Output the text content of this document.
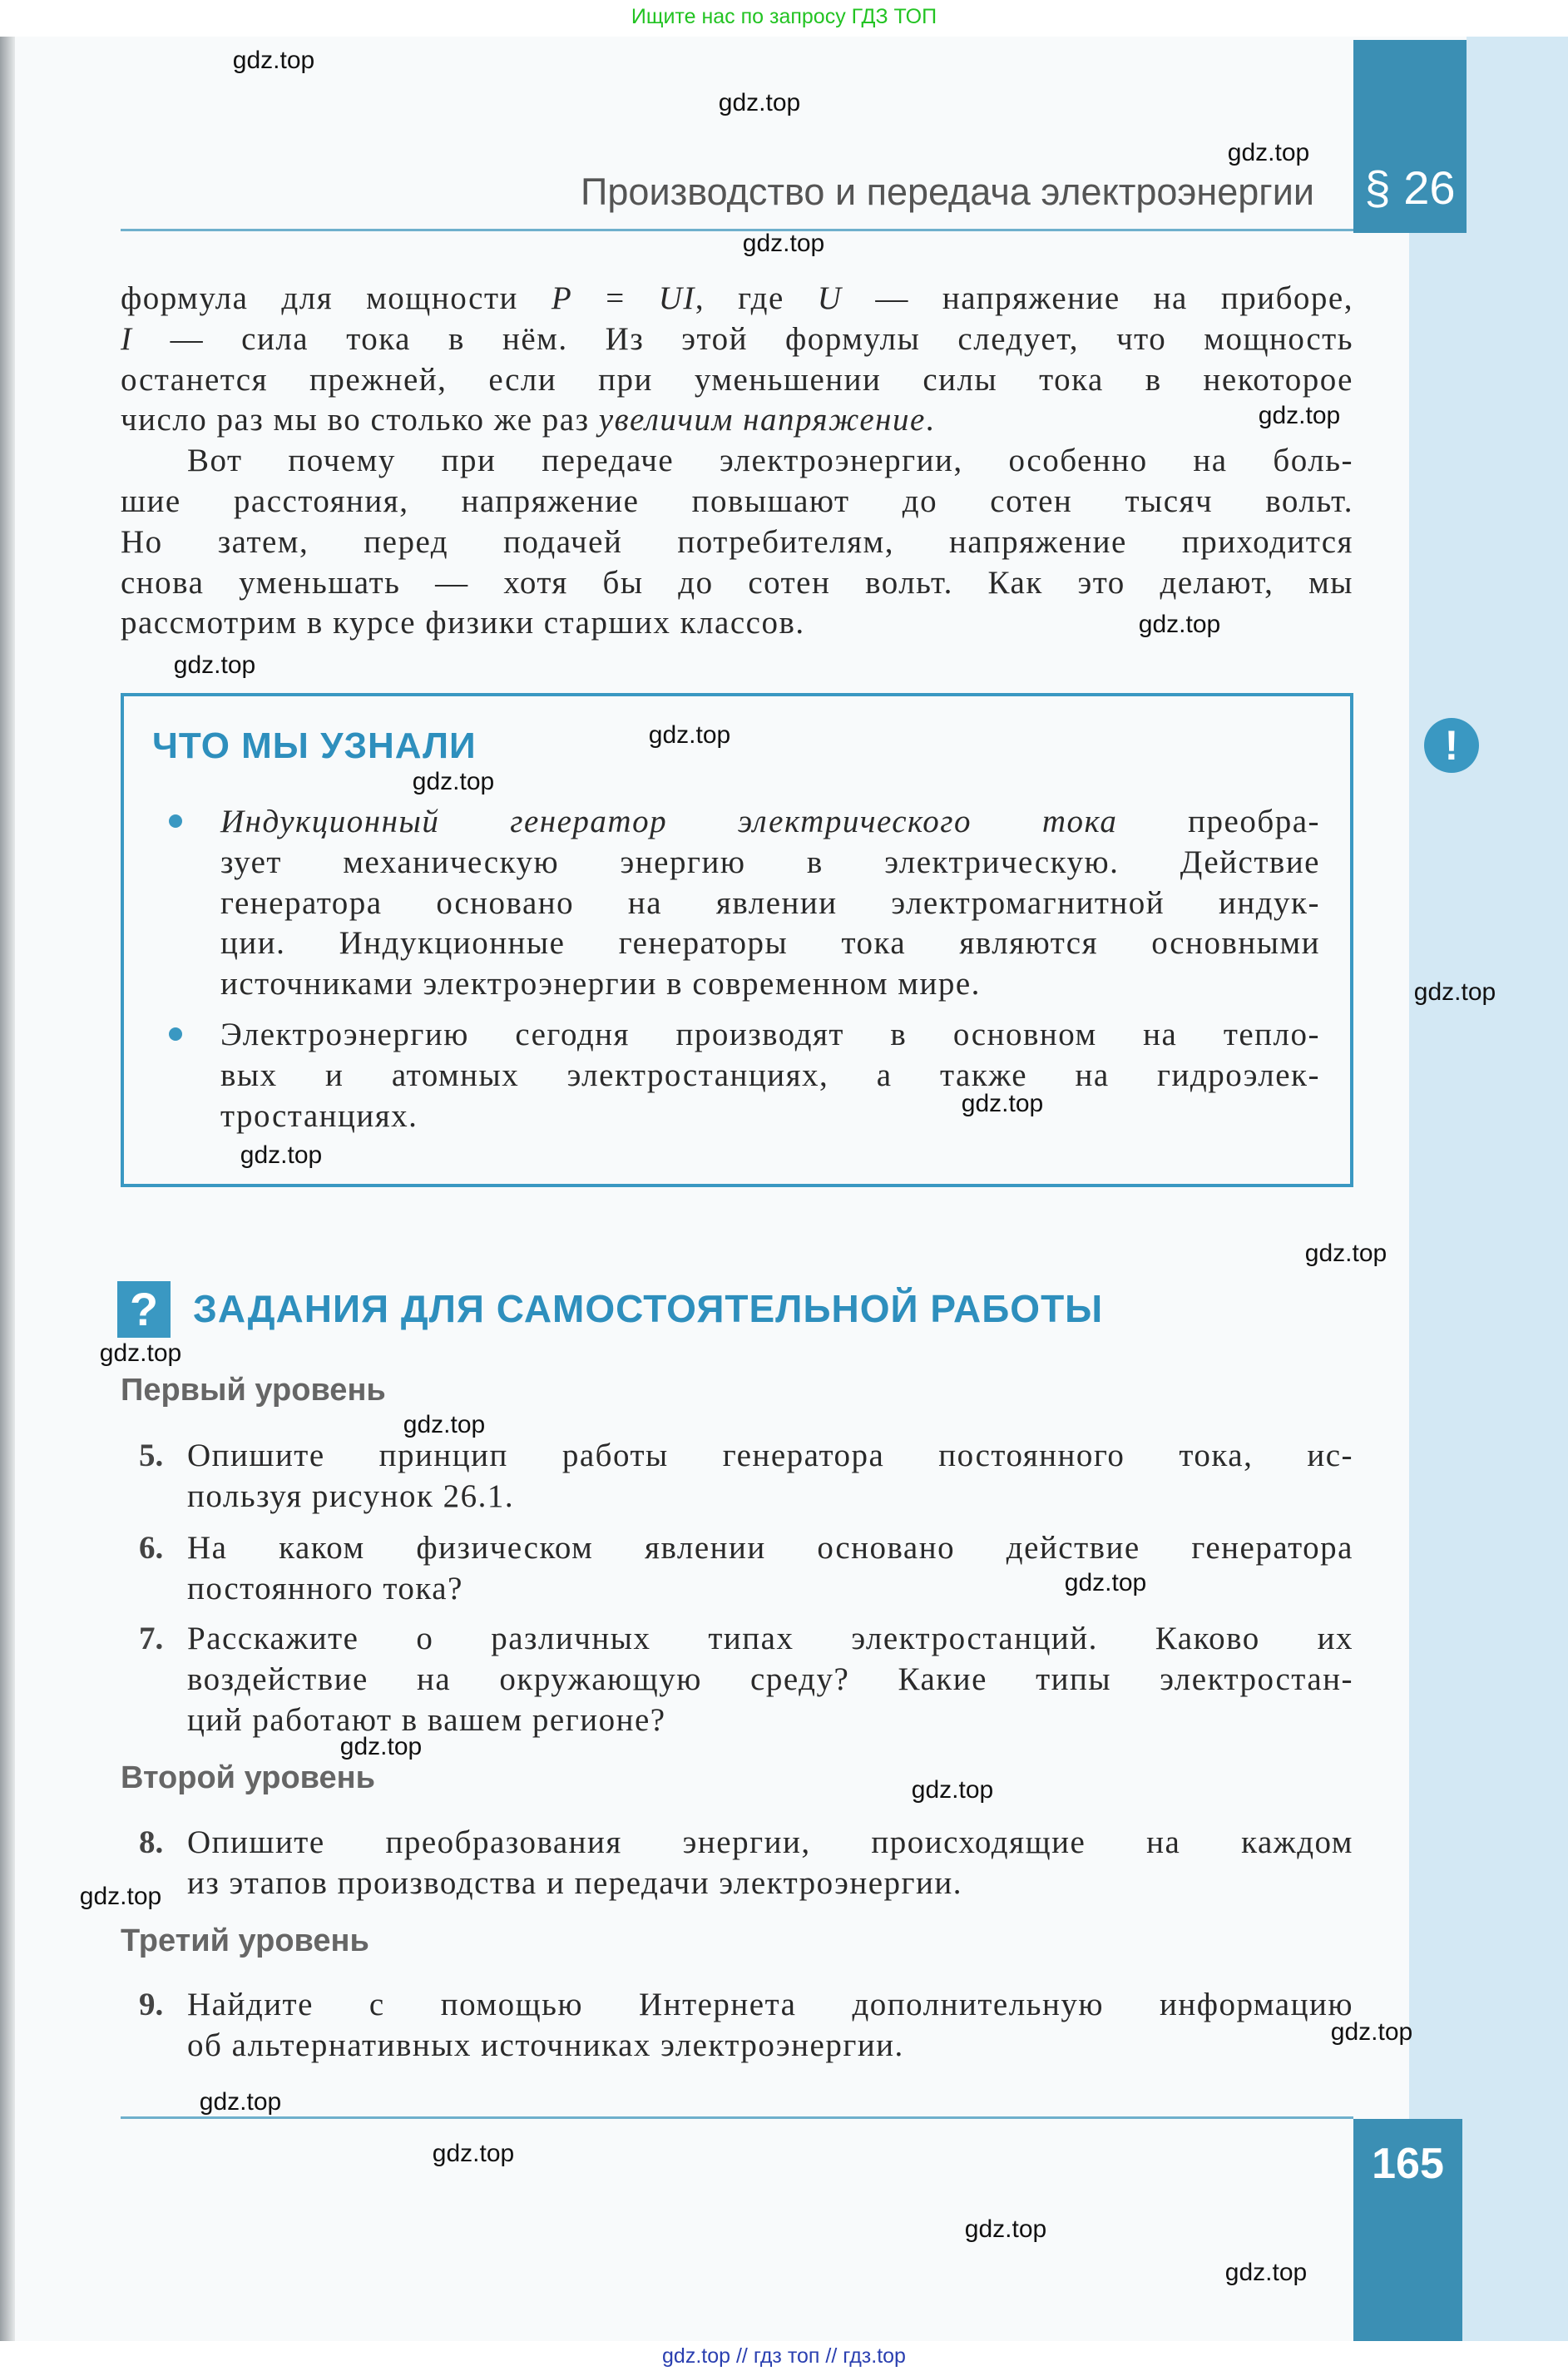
Ищите нас по запросу ГДЗ ТОП
§ 26
Производство и передача электроэнергии
формула для мощности P = UI, где U — напряжение на приборе,
I — сила тока в нём. Из этой формулы следует, что мощность
останется прежней, если при уменьшении силы тока в некоторое
число раз мы во столько же раз увеличим напряжение.
Вот почему при передаче электроэнергии, особенно на боль-
шие расстояния, напряжение повышают до сотен тысяч вольт.
Но затем, перед подачей потребителям, напряжение приходится
снова уменьшать — хотя бы до сотен вольт. Как это делают, мы
рассмотрим в курсе физики старших классов.
ЧТО МЫ УЗНАЛИ	!
Индукционный генератор электрического тока преобра-
зует механическую энергию в электрическую. Действие
генератора основано на явлении электромагнитной индук-
ции. Индукционные генераторы тока являются основными
источниками электроэнергии в современном мире.
Электроэнергию сегодня производят в основном на тепло-
вых и атомных электростанциях, а также на гидроэлек-
тростанциях.
? ЗАДАНИЯ ДЛЯ САМОСТОЯТЕЛЬНОЙ РАБОТЫ
Первый уровень
Второй уровень
Третий уровень
5. Опишите принцип работы генератора постоянного тока, ис-
пользуя рисунок 26.1.
6. На каком физическом явлении основано действие генератора
постоянного тока?
7. Расскажите о различных типах электростанций. Каково их
воздействие на окружающую среду? Какие типы электростан-
ций работают в вашем регионе?
8. Опишите преобразования энергии, происходящие на каждом
из этапов производства и передачи электроэнергии.
9. Найдите с помощью Интернета дополнительную информацию
об альтернативных источниках электроэнергии.
165
gdz.top // гдз топ // гдз.top
gdz.top
gdz.top
gdz.top
gdz.top
gdz.top
gdz.top
gdz.top
gdz.top
gdz.top
gdz.top
gdz.top
gdz.top
gdz.top
gdz.top
gdz.top
gdz.top
gdz.top
gdz.top
gdz.top
gdz.top
gdz.top
gdz.top
gdz.top
gdz.top
